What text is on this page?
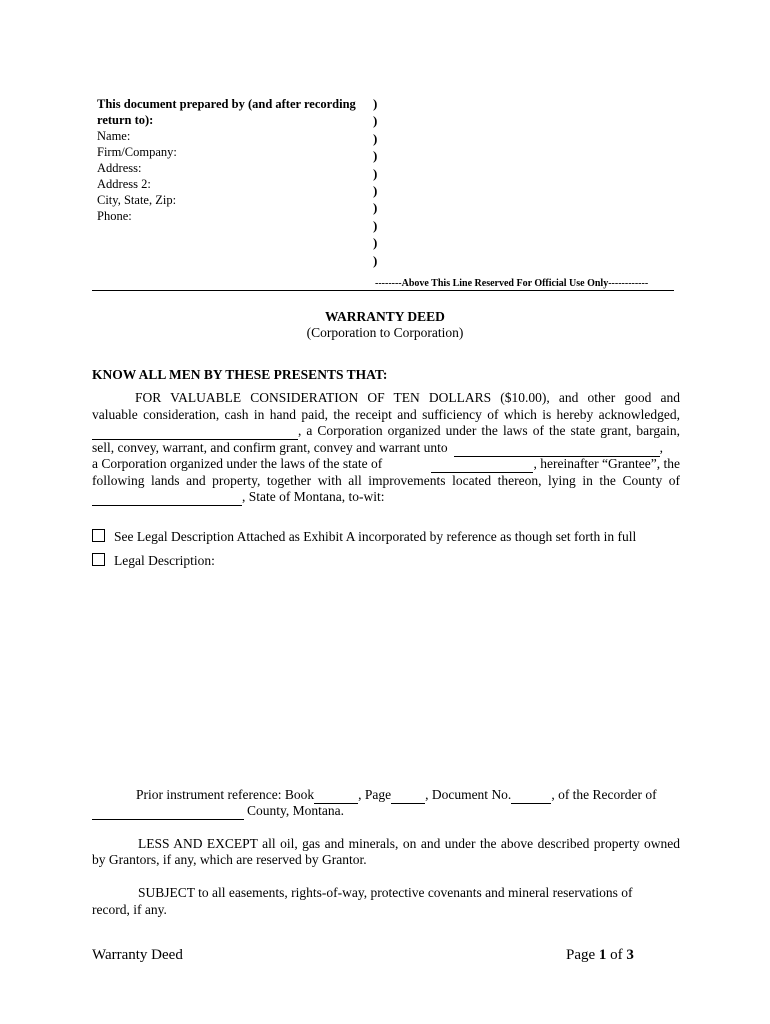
This document prepared by (and after recording
return to):
Name:
Firm/Company:
Address:
Address 2:
City, State, Zip:
Phone:
)
)
)
)
)
)
)
)
)
)
--------Above This Line Reserved For Official Use Only------------
WARRANTY DEED
(Corporation to Corporation)
KNOW ALL MEN BY THESE PRESENTS THAT:
FOR VALUABLE CONSIDERATION OF TEN DOLLARS ($10.00), and other good and
valuable consideration, cash in hand paid, the receipt and sufficiency of which is hereby acknowledged,
, a Corporation organized under the laws of the state grant, bargain,
sell, convey, warrant, and confirm grant, convey and warrant unto	,
a Corporation organized under the laws of the state of	, hereinafter “Grantee”, the
following lands and property, together with all improvements located thereon, lying in the County of
, State of Montana, to-wit:
See Legal Description Attached as Exhibit A incorporated by reference as though set forth in full
Legal Description:
Prior instrument reference: Book	, Page	, Document No.	, of the Recorder of
County, Montana.
LESS AND EXCEPT all oil, gas and minerals, on and under the above described property owned
by Grantors, if any, which are reserved by Grantor.
SUBJECT to all easements, rights-of-way, protective covenants and mineral reservations of
record, if any.
Warranty Deed	Page 1 of 3
